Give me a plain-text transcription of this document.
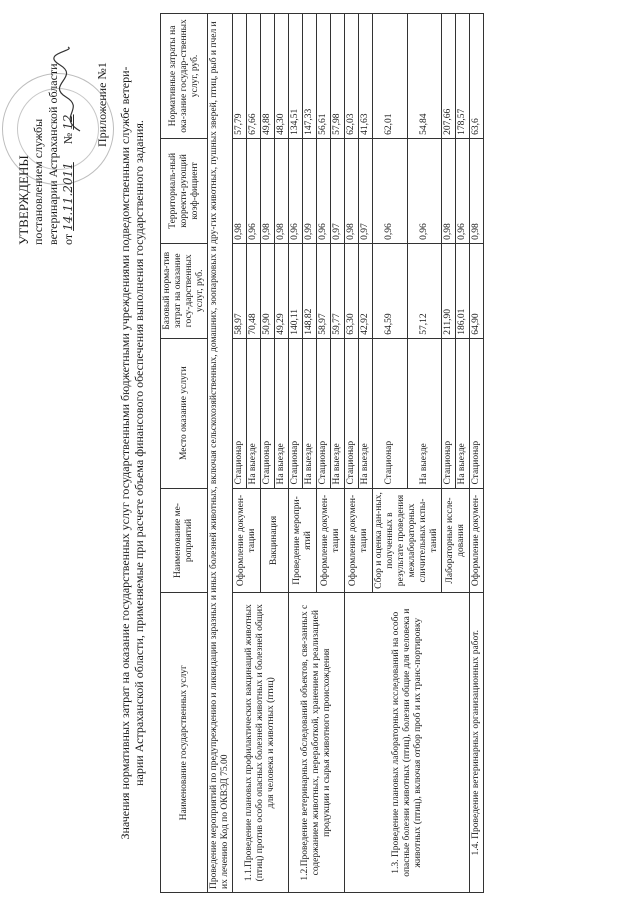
УТВЕРЖДЕНЫ постановлением службы ветеринарии Астраханской области от 14.11.2011      № 12 Приложение №1 Значения нормативных затрат на оказание государственных услуг государственными бюджетными учреждениями подведомственными службе ветери- нарии Астраханской области, применяемые при расчете объема финансового обеспечения выполнения государственного задания.	Наименование государственных услуг	Наименование ме-роприятий	Место оказание услуги	Базовый норма-тив затрат на оказание госу-дарственных услуг, руб.	Территориаль-ный корректи-рующий коэф-фициент	Нормативные затраты на ока-зание государ-ственных услуг, руб.
Проведение мероприятий по предупреждению и ликвидации заразных и иных болезней животных, включая сельскохозяйственных, домашних, зоопарковых и дру-гих животных, пушных зверей, птиц, рыб и пчел и их лечению Код по ОКВЭД 75.00					
1.1.Проведение плановых профилактических вакцинаций животных (птиц) против особо опасных болезней животных и болезней общих для человека и животных (птиц)	Оформление докумен-тации	Стационар	58,97	0,98	57,79
		На выезде	70,48	0,96	67,66
	Вакцинация	Стационар	50,90	0,98	49,88
		На выезде	49,29	0,98	48,30
1.2.Проведение ветеринарных обследований объектов, свя-занных с содержанием животных, переработкой, хранением и реализацией продукции и сырья животного происхождения	Проведение меропри-ятий	Стационар	140,11	0,96	134,51
		На выезде	148,82	0,99	147,33
	Оформление докумен-тации	Стационар	58,97	0,96	56,61
		На выезде	59,77	0,97	57,98
1.3. Проведение плановых лабораторных исследований на особо опасные болезни животных (птиц), болезни общие для человека и животных (птиц), включая отбор проб и их транс-портировку	Оформление докумен-тации	Стационар	63,30	0,98	62,03
		На выезде	42,92	0,97	41,63
	Сбор и оценка дан-ных, полученных в результате проведения межлабораторных сличительных испы-таний	Стационар	64,59	0,96	62,01
		На выезде	57,12	0,96	54,84
	Лабораторные иссле-дования	Стационар	211,90	0,98	207,66
		На выезде	186,01	0,96	178,57
1.4. Проведение ветеринарных организационных работ.	Оформление докумен-	Стационар	64,90	0,98	63,6
